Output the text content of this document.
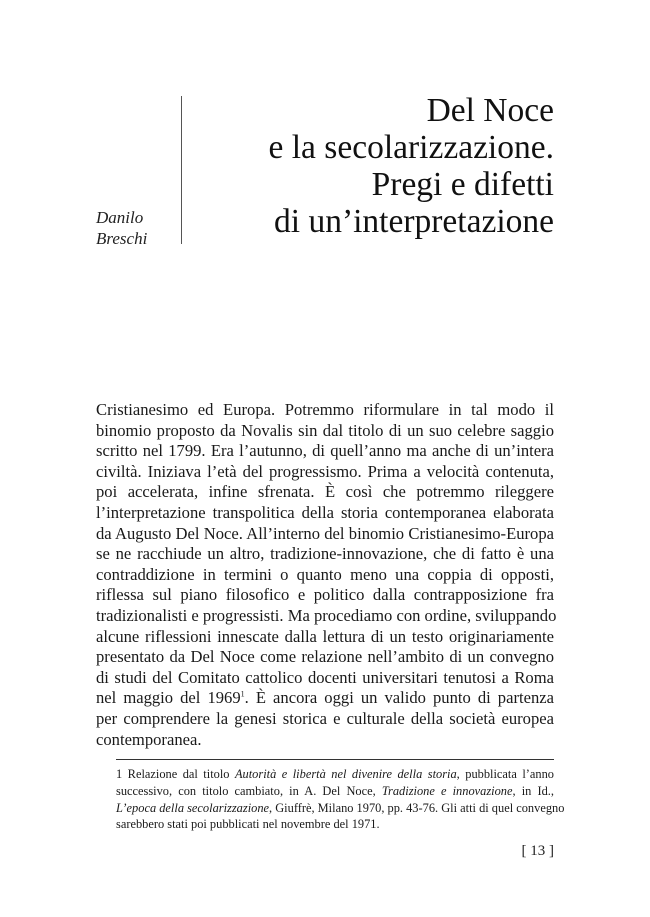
Danilo
Breschi
Del Noce
e la secolarizzazione.
Pregi e difetti
di un’interpretazione
Cristianesimo ed Europa. Potremmo riformulare in tal modo il
binomio proposto da Novalis sin dal titolo di un suo celebre saggio
scritto nel 1799. Era l’autunno, di quell’anno ma anche di un’intera
civiltà. Iniziava l’età del progressismo. Prima a velocità contenuta,
poi accelerata, infine sfrenata. È così che potremmo rileggere
l’interpretazione transpolitica della storia contemporanea elaborata
da Augusto Del Noce. All’interno del binomio Cristianesimo-Europa
se ne racchiude un altro, tradizione-innovazione, che di fatto è una
contraddizione in termini o quanto meno una coppia di opposti,
riflessa sul piano filosofico e politico dalla contrapposizione fra
tradizionalisti e progressisti. Ma procediamo con ordine, sviluppando
alcune riflessioni innescate dalla lettura di un testo originariamente
presentato da Del Noce come relazione nell’ambito di un convegno
di studi del Comitato cattolico docenti universitari tenutosi a Roma
nel maggio del 1969$^1$. È ancora oggi un valido punto di partenza
per comprendere la genesi storica e culturale della società europea
contemporanea.
1 Relazione dal titolo Autorità e libertà nel divenire della storia, pubblicata l’anno
successivo, con titolo cambiato, in A. Del Noce, Tradizione e innovazione, in Id.,
L’epoca della secolarizzazione, Giuffrè, Milano 1970, pp. 43-76. Gli atti di quel convegno
sarebbero stati poi pubblicati nel novembre del 1971.
[ 13 ]
